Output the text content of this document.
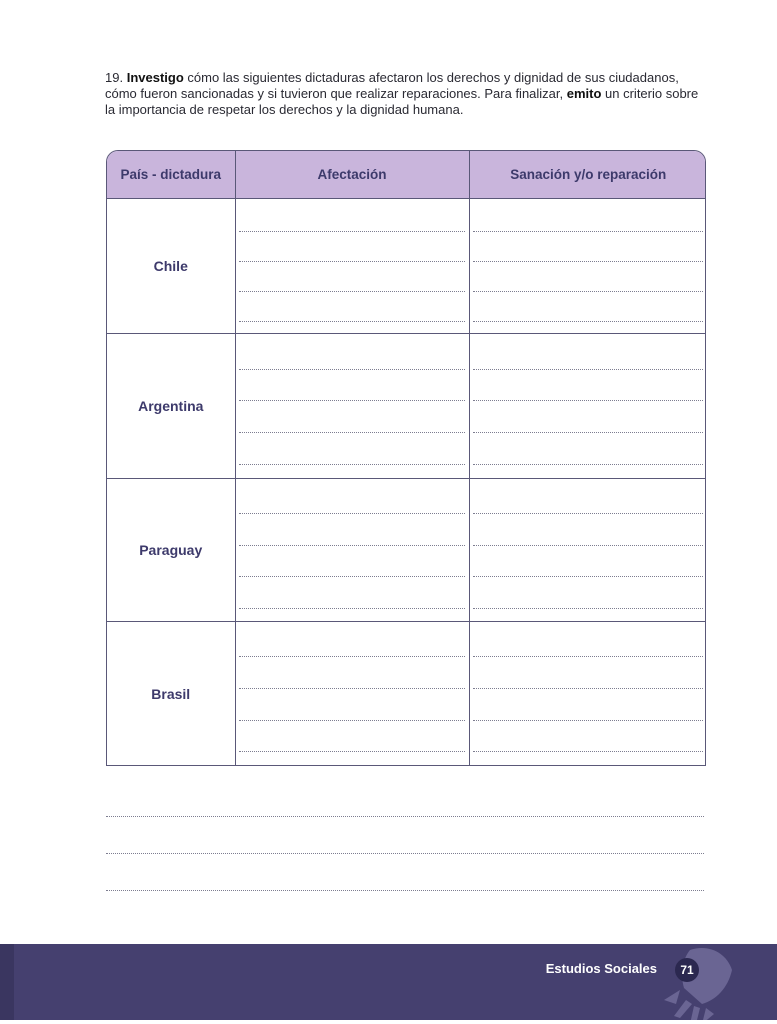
19. Investigo cómo las siguientes dictaduras afectaron los derechos y dignidad de sus ciudadanos, cómo fueron sancionadas y si tuvieron que realizar reparaciones. Para finalizar, emito un criterio sobre la importancia de respetar los derechos y la dignidad humana.
País - dictadura	Afectación	Sanación y/o reparación
Chile	

Argentina	

Paraguay	

Brasil	

Estudios Sociales	71
